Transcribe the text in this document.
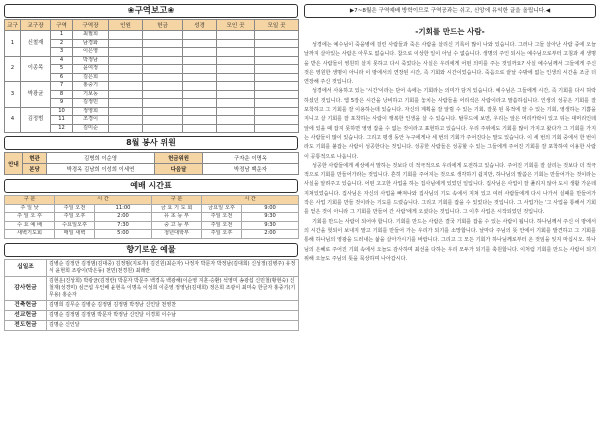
❀구역보고❀
교구	교구장	구역	구역장	인원	헌금	성경	모인 곳	모일 곳
1	신철재	1	최필희					
		2	남경화					
		3	이은영					
2	이종목	4	박정남					
		5	윤여정					
		6	김은희					
3	박광균	7	홍중기					
		8	기보동					
		9	김정민					
4	김정범	10	정영희					
		11	조경이					
		12	김미순					
8월 봉사 위원
안내	현관	김병희 이순영	헌금위원	구자운 이명옥
	본당	박경옥 김남희 이성희 이세연	다음달	박정남 백운자
예배 시간표
구 분	시 간		구 분	시 간	
주 일 낮	주일 오전	11:00	금 요 기 도 회	금요일 오후	9:00
주 일 오 후	주일 오후	2:00	유 초 등 부	주일 오전	9:30
수 요 예 배	수요일오후	7:30	중 고 등 부	주일 오전	9:30
새벽기도회	매일 새벽	5:00	청년대학부	주일 오후	2:00
향기로운 예물
십일조	김병순 김정만 김정범(김대중) 김정범(지로추) 김진원(최순자) 나정자 박문자 박정남(김대희) 신성정(김병주) 유정식 윤현희 조광이(박은동) 천민(천경원) 최레란
감사헌금	김현운(진상희) 박광균(김정란) 박문자 박문주 백경옥 백광해(이순영 지훈·승환) 석영미 송광섭 신민철(황현숙) 신철재(성경미) 심근섭 우인배 윤현옥 이명옥 이성희 이준영 정영남(김대희) 정은희 조광이 최미숙 한금자 홍중기(기무용) 홍순자
건축헌금	김명희 김무순 김병순 김정범 김정범 박정남 신인달 천영찬
선교헌금	김명순 김정범 김정범 박문자 박정남 신인달 이경희 이수남
전도헌금	김명순 신인달
▶7~8월은 구역예배 방학이므로 구역공과는 쉬고, 신앙에 유익한 글을 올립니다.◀
-기회를 만드는 사람-

성경에는 예수님이 죽을병에 걸린 사람들과 죽은 사람을 살리신 기록이 많이 나와 있습니다. 그러나 그들 살아난 사람 중에 오늘날까지 살아있는 사람은 아무도 없습니다. 참으로 이상한 일이 아닐 수 없습니다. 생명의 주인 되시는 예수님으로부터 고침과 새 생명을 받은 사람들이 영원히 살지 못하고 다시 죽었다는 사실은 우리에게 어떤 의미를 주는 것일까요? 사실 예수님께서 그들에게 주신 것은 영원한 생명이 아니라 이 땅에서의 연장된 시간, 즉 기회와 시간이었습니다. 죽음으로 끝날 수밖에 없는 인생의 시간을 조금 더 연장해 주신 것입니다.

성경에서 사용하고 있는 '시간'이라는 단어 속에는 기회라는 의미가 담겨 있습니다. 예수님은 그들에게 시간, 즉 기회를 다시 허락하셨던 것입니다. 엡 5장은 시간을 낭비하고 기회를 놓치는 사람들을 어리석은 사람이라고 말씀하십니다. 인생의 성공은 기회를 잘 포착하고 그 기회를 잘 이용하는데 있습니다. 자신의 계획을 잘 알릴 수 있는 기회, 잘못 된 목적에 잘 수 있는 기회, 영생하는 기쁨을 지니고 살 기회를 잘 포착하는 사람이 행복한 인생을 살 수 있습니다. 탈무드에 보면, 우리는 앞은 머리카락이 있고 뒤는 대머리인데 앞에 있을 때 잡지 못하면 영영 잡을 수 없는 것이라고 표현하고 있습니다. 우리 주위에도 기회를 많이 가지고 왔다가 그 기회를 가지는 사람들이 많이 있습니다. 그리고 평생 동안 누구에게나 세 번의 기회가 주어진다는 말도 있습니다. 이 세 번의 기회 중에서 한 번이라도 기회를 붙잡는 사람이 성공한다는 것입니다. 성공한 사람들은 성공할 수 있는 그들에게 주어진 기회를 잘 포착하여 이용한 사람이 공통적으로 나옵니다.

성공한 사람들에게 세상에서 말하는 것보다 더 적극적으로 우리에게 도전하고 있습니다. 주어진 기회를 잘 살리는 것보다 더 적극적으로 기회를 만들어가라는 것입니다. 흔히 기회를 주어지는 것으로 생각하기 쉽지만, 하나님의 말씀은 기회는 만들어가는 것이라는 사실을 알려주고 있습니다. 어떤 고고한 사업을 하는 집사님에게 있었던 일입니다. 집사님은 사업이 잘 풀리지 않아 도시 생활 가운데 지쳐있었습니다. 집사님은 자신의 사업을 빠져나와 집사님의 기도 속에서 지쳐 있고 여러 사람들에게 다시 나가서 실패를 만들어가 작은 사업 기회를 만들 것이라는 기도를 드렸습니다. 그리고 기회를 잡을 수 있었다는 것입니다. 그 사업가는 '그 사업을 통해서 기회를 얻은 것이 아니라 그 기회를 만들어 간 사람'에게 오셨다는 것입니다. 그 이후 사업은 시작되었던 것입니다.

기회를 만드는 사람이 되어야 합니다. 기회를 만드는 사람은 결국 기회를 잡을 수 있는 사람이 됩니다. 하나님께서 주신 이 땅에서의 시간을 헛되이 보내지 말고 기회를 만들어 가는 우리가 되기를 소망합니다. 날마다 주님의 뜻 안에서 기회를 발견하고 그 기회를 통해 하나님의 영광을 드러내는 삶을 살아가시기를 바랍니다. 그리고 그 모든 기회가 하나님께로부터 온 것임을 잊지 마십시오. 하나님의 은혜로 주어진 기회 속에서 오늘도 감사하며 최선을 다하는 우리 모두가 되기를 축원합니다. 이처럼 기회를 만드는 사람이 되기 위해 오늘도 주님의 뜻을 묵상하며 나아갑시다.
